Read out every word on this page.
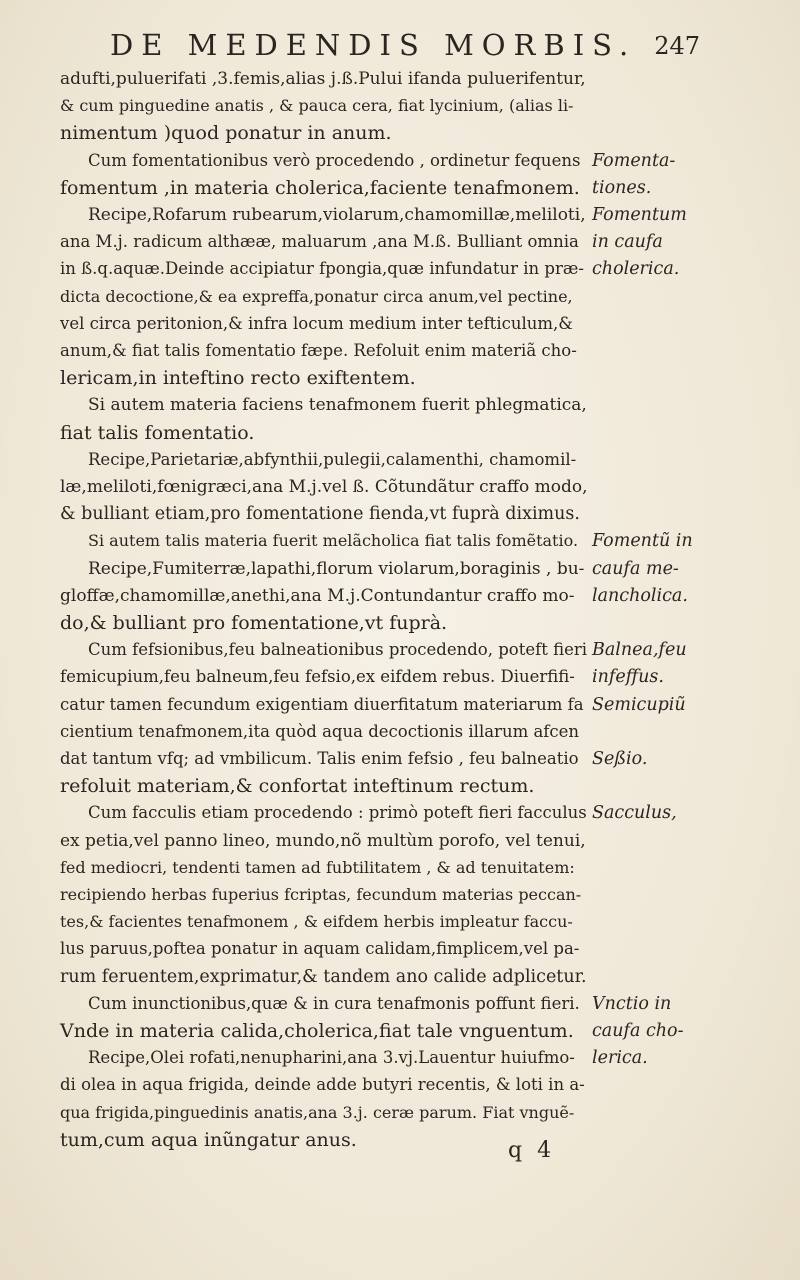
DE MEDENDIS MORBIS. 247
adufti,puluerifati ,3.femis,alias j.ß.Pului ifanda puluerifentur,
& cum pinguedine anatis , & pauca cera, fiat lycinium, (alias li-
nimentum )quod ponatur in anum.
Cum fomentationibus verò procedendo , ordinetur fequens Fomenta-
fomentum ,in materia cholerica,faciente tenafmonem. tiones.
Recipe,Rofarum rubearum,violarum,chamomillæ,meliloti, Fomentum
ana M.j. radicum althææ, maluarum ,ana M.ß. Bulliant omnia in caufa
in ß.q.aquæ.Deinde accipiatur fpongia,quæ infundatur in præ- cholerica.
dicta decoctione,& ea expreffa,ponatur circa anum,vel pectine,
vel circa peritonion,& infra locum medium inter tefticulum,&
anum,& fiat talis fomentatio fæpe. Refoluit enim materiã cho-
lericam,in inteftino recto exiftentem.
Si autem materia faciens tenafmonem fuerit phlegmatica,
fiat talis fomentatio.
Recipe,Parietariæ,abfynthii,pulegii,calamenthi, chamomil-
læ,meliloti,fœnigræci,ana M.j.vel ß. Cõtundãtur craffo modo,
& bulliant etiam,pro fomentatione fienda,vt fuprà diximus.
Si autem talis materia fuerit melãcholica fiat talis fomẽtatio. Fomentũ in
Recipe,Fumiterræ,lapathi,florum violarum,boraginis , bu- caufa me-
gloffæ,chamomillæ,anethi,ana M.j.Contundantur craffo mo- lancholica.
do,& bulliant pro fomentatione,vt fuprà.
Cum fefsionibus,feu balneationibus procedendo, poteft fieri Balnea,feu
femicupium,feu balneum,feu fefsio,ex eifdem rebus. Diuerfifi- infeffus.
catur tamen fecundum exigentiam diuerfitatum materiarum fa Semicupiũ
cientium tenafmonem,ita quòd aqua decoctionis illarum afcen
dat tantum vfq; ad vmbilicum. Talis enim fefsio , feu balneatio Seßio.
refoluit materiam,& confortat inteftinum rectum.
Cum facculis etiam procedendo : primò poteft fieri facculus Sacculus,
ex petia,vel panno lineo, mundo,nõ multùm porofo, vel tenui,
fed mediocri, tendenti tamen ad fubtilitatem , & ad tenuitatem:
recipiendo herbas fuperius fcriptas, fecundum materias peccan-
tes,& facientes tenafmonem , & eifdem herbis impleatur faccu-
lus paruus,poftea ponatur in aquam calidam,fimplicem,vel pa-
rum feruentem,exprimatur,& tandem ano calide adplicetur.
Cum inunctionibus,quæ & in cura tenafmonis poffunt fieri. Vnctio in
Vnde in materia calida,cholerica,fiat tale vnguentum. caufa cho-
Recipe,Olei rofati,nenupharini,ana 3.vj.Lauentur huiufmo- lerica.
di olea in aqua frigida, deinde adde butyri recentis, & loti in a-
qua frigida,pinguedinis anatis,ana 3.j. ceræ parum. Fiat vnguẽ-
tum,cum aqua inũngatur anus.	q 4
